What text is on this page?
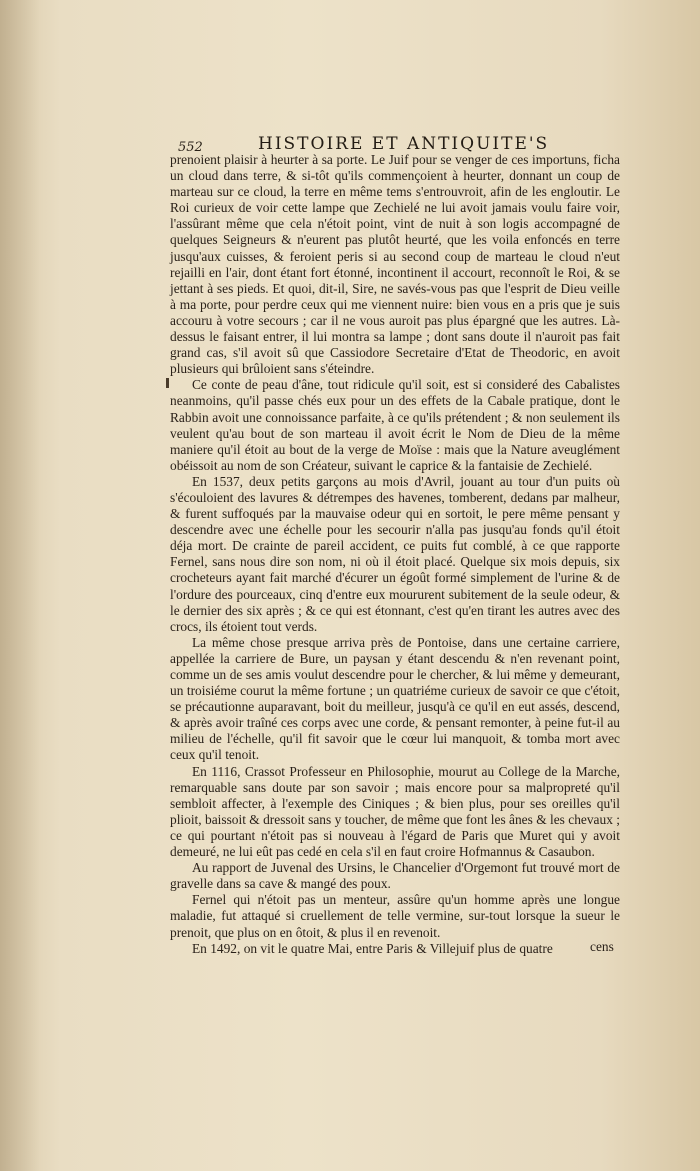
552	HISTOIRE ET ANTIQUITE'S

prenoient plaisir à heurter à sa porte. Le Juif pour se venger de ces importuns, ficha un cloud dans terre, & si-tôt qu'ils commençoient à heurter, donnant un coup de marteau sur ce cloud, la terre en même tems s'entrouvroit, afin de les engloutir. Le Roi curieux de voir cette lampe que Zechielé ne lui avoit jamais voulu faire voir, l'assûrant même que cela n'étoit point, vint de nuit à son logis accompagné de quelques Seigneurs & n'eurent pas plutôt heurté, que les voila enfoncés en terre jusqu'aux cuisses, & feroient peris si au second coup de marteau le cloud n'eut rejailli en l'air, dont étant fort étonné, incontinent il accourt, reconnoît le Roi, & se jettant à ses pieds. Et quoi, dit-il, Sire, ne savés-vous pas que l'esprit de Dieu veille à ma porte, pour perdre ceux qui me viennent nuire: bien vous en a pris que je suis accouru à votre secours ; car il ne vous auroit pas plus épargné que les autres. Là-dessus le faisant entrer, il lui montra sa lampe ; dont sans doute il n'auroit pas fait grand cas, s'il avoit sû que Cassiodore Secretaire d'Etat de Theodoric, en avoit plusieurs qui brûloient sans s'éteindre.

Ce conte de peau d'âne, tout ridicule qu'il soit, est si consideré des Cabalistes neanmoins, qu'il passe chés eux pour un des effets de la Cabale pratique, dont le Rabbin avoit une connoissance parfaite, à ce qu'ils prétendent ; & non seulement ils veulent qu'au bout de son marteau il avoit écrit le Nom de Dieu de la même maniere qu'il étoit au bout de la verge de Moïse : mais que la Nature aveuglément obéissoit au nom de son Créateur, suivant le caprice & la fantaisie de Zechielé.

En 1537, deux petits garçons au mois d'Avril, jouant au tour d'un puits où s'écouloient des lavures & détrempes des havenes, tomberent, dedans par malheur, & furent suffoqués par la mauvaise odeur qui en sortoit, le pere même pensant y descendre avec une échelle pour les secourir n'alla pas jusqu'au fonds qu'il étoit déja mort. De crainte de pareil accident, ce puits fut comblé, à ce que rapporte Fernel, sans nous dire son nom, ni où il étoit placé. Quelque six mois depuis, six crocheteurs ayant fait marché d'écurer un égoût formé simplement de l'urine & de l'ordure des pourceaux, cinq d'entre eux moururent subitement de la seule odeur, & le dernier des six après ; & ce qui est étonnant, c'est qu'en tirant les autres avec des crocs, ils étoient tout verds.

La même chose presque arriva près de Pontoise, dans une certaine carriere, appellée la carriere de Bure, un paysan y étant descendu & n'en revenant point, comme un de ses amis voulut descendre pour le chercher, & lui même y demeurant, un troisiéme courut la même fortune ; un quatriéme curieux de savoir ce que c'étoit, se précautionne auparavant, boit du meilleur, jusqu'à ce qu'il en eut assés, descend, & après avoir traîné ces corps avec une corde, & pensant remonter, à peine fut-il au milieu de l'échelle, qu'il fit savoir que le cœur lui manquoit, & tomba mort avec ceux qu'il tenoit.

En 1116, Crassot Professeur en Philosophie, mourut au College de la Marche, remarquable sans doute par son savoir ; mais encore pour sa malpropreté qu'il sembloit affecter, à l'exemple des Ciniques ; & bien plus, pour ses oreilles qu'il plioit, baissoit & dressoit sans y toucher, de même que font les ânes & les chevaux ; ce qui pourtant n'étoit pas si nouveau à l'égard de Paris que Muret qui y avoit demeuré, ne lui eût pas cedé en cela s'il en faut croire Hofmannus & Casaubon.

Au rapport de Juvenal des Ursins, le Chancelier d'Orgemont fut trouvé mort de gravelle dans sa cave & mangé des poux.

Fernel qui n'étoit pas un menteur, assûre qu'un homme après une longue maladie, fut attaqué si cruellement de telle vermine, sur-tout lorsque la sueur le prenoit, que plus on en ôtoit, & plus il en revenoit.

En 1492, on vit le quatre Mai, entre Paris & Villejuif plus de quatre	cens
